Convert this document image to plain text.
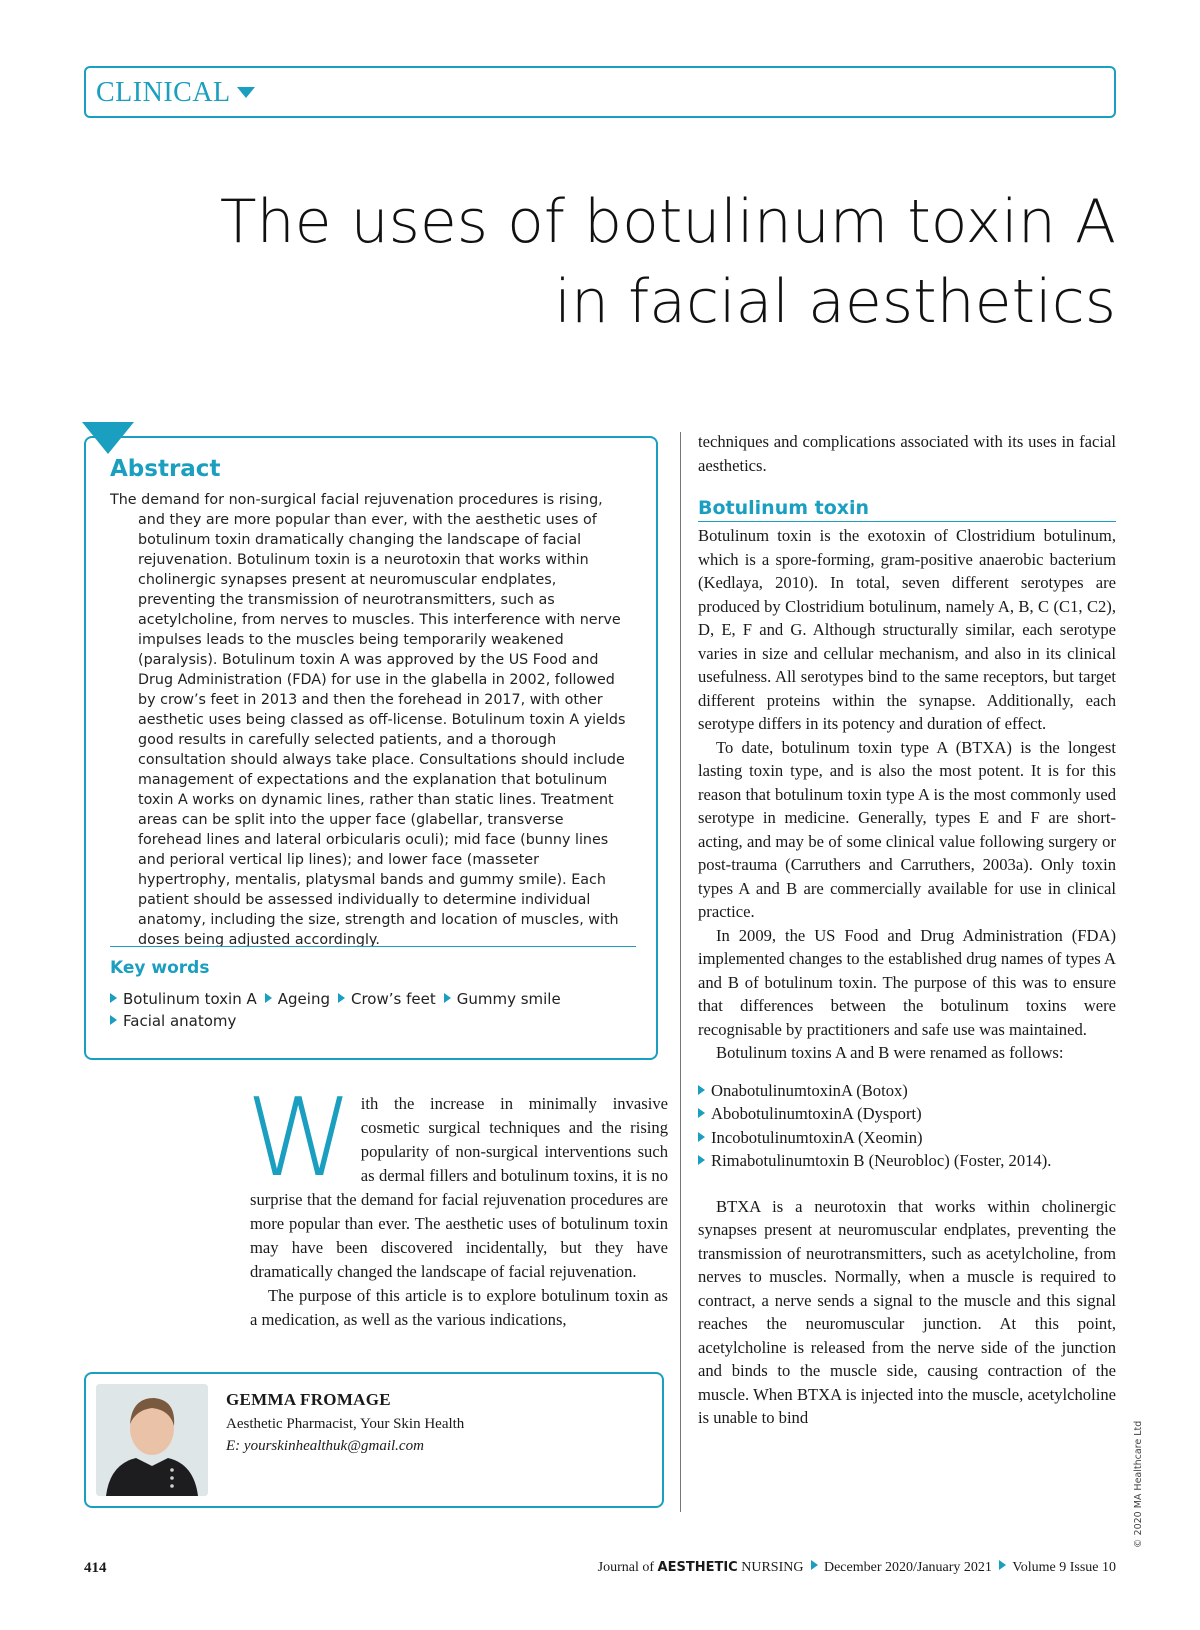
CLINICAL
The uses of botulinum toxin A in facial aesthetics
Abstract
The demand for non-surgical facial rejuvenation procedures is rising, and they are more popular than ever, with the aesthetic uses of botulinum toxin dramatically changing the landscape of facial rejuvenation. Botulinum toxin is a neurotoxin that works within cholinergic synapses present at neuromuscular endplates, preventing the transmission of neurotransmitters, such as acetylcholine, from nerves to muscles. This interference with nerve impulses leads to the muscles being temporarily weakened (paralysis). Botulinum toxin A was approved by the US Food and Drug Administration (FDA) for use in the glabella in 2002, followed by crow’s feet in 2013 and then the forehead in 2017, with other aesthetic uses being classed as off-license. Botulinum toxin A yields good results in carefully selected patients, and a thorough consultation should always take place. Consultations should include management of expectations and the explanation that botulinum toxin A works on dynamic lines, rather than static lines. Treatment areas can be split into the upper face (glabellar, transverse forehead lines and lateral orbicularis oculi); mid face (bunny lines and perioral vertical lip lines); and lower face (masseter hypertrophy, mentalis, platysmal bands and gummy smile). Each patient should be assessed individually to determine individual anatomy, including the size, strength and location of muscles, with doses being adjusted accordingly.
Key words
Botulinum toxin A Ageing Crow’s feet Gummy smile
Facial anatomy

With the increase in minimally invasive cosmetic surgical techniques and the rising popularity of non-surgical interventions such as dermal fillers and botulinum toxins, it is no surprise that the demand for facial rejuvenation procedures are more popular than ever. The aesthetic uses of botulinum toxin may have been discovered incidentally, but they have dramatically changed the landscape of facial rejuvenation.

The purpose of this article is to explore botulinum toxin as a medication, as well as the various indications,

GEMMA FROMAGE
Aesthetic Pharmacist, Your Skin Health
E: yourskinhealthuk@gmail.com

techniques and complications associated with its uses in facial aesthetics.

Botulinum toxin

Botulinum toxin is the exotoxin of Clostridium botulinum, which is a spore-forming, gram-positive anaerobic bacterium (Kedlaya, 2010). In total, seven different serotypes are produced by Clostridium botulinum, namely A, B, C (C1, C2), D, E, F and G. Although structurally similar, each serotype varies in size and cellular mechanism, and also in its clinical usefulness. All serotypes bind to the same receptors, but target different proteins within the synapse. Additionally, each serotype differs in its potency and duration of effect.

To date, botulinum toxin type A (BTXA) is the longest lasting toxin type, and is also the most potent. It is for this reason that botulinum toxin type A is the most commonly used serotype in medicine. Generally, types E and F are short-acting, and may be of some clinical value following surgery or post-trauma (Carruthers and Carruthers, 2003a). Only toxin types A and B are commercially available for use in clinical practice.

In 2009, the US Food and Drug Administration (FDA) implemented changes to the established drug names of types A and B of botulinum toxin. The purpose of this was to ensure that differences between the botulinum toxins were recognisable by practitioners and safe use was maintained.

Botulinum toxins A and B were renamed as follows:

OnabotulinumtoxinA (Botox)
AbobotulinumtoxinA (Dysport)
IncobotulinumtoxinA (Xeomin)
Rimabotulinumtoxin B (Neurobloc) (Foster, 2014).

BTXA is a neurotoxin that works within cholinergic synapses present at neuromuscular endplates, preventing the transmission of neurotransmitters, such as acetylcholine, from nerves to muscles. Normally, when a muscle is required to contract, a nerve sends a signal to the muscle and this signal reaches the neuromuscular junction. At this point, acetylcholine is released from the nerve side of the junction and binds to the muscle side, causing contraction of the muscle. When BTXA is injected into the muscle, acetylcholine is unable to bind

414	Journal of AESTHETIC NURSING December 2020/January 2021 Volume 9 Issue 10
© 2020 MA Healthcare Ltd
